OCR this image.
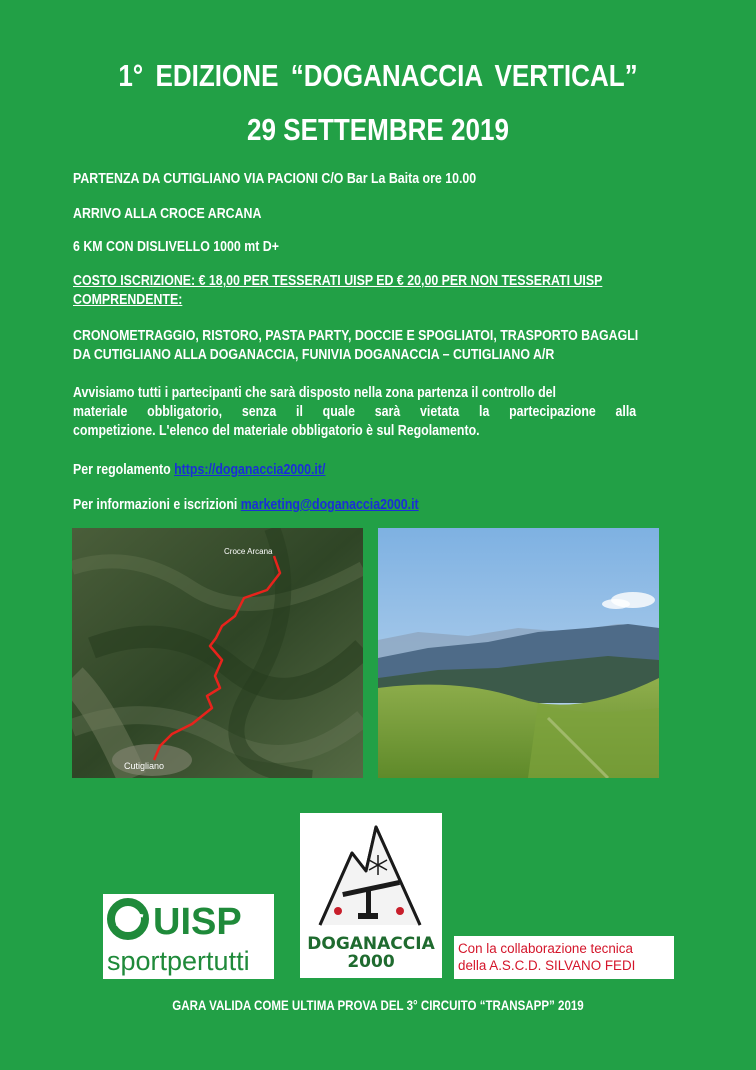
1° EDIZIONE “DOGANACCIA VERTICAL”
29 SETTEMBRE 2019
PARTENZA DA CUTIGLIANO VIA PACIONI C/O Bar La Baita ore 10.00
ARRIVO ALLA CROCE ARCANA
6 KM CON DISLIVELLO 1000 mt D+
COSTO ISCRIZIONE: € 18,00 PER TESSERATI UISP ED € 20,00 PER NON TESSERATI UISP
COMPRENDENTE:
CRONOMETRAGGIO, RISTORO, PASTA PARTY, DOCCIE E SPOGLIATOI, TRASPORTO BAGAGLI
DA CUTIGLIANO ALLA DOGANACCIA, FUNIVIA DOGANACCIA – CUTIGLIANO A/R
Avvisiamo tutti i partecipanti che sarà disposto nella zona partenza il controllo del
materiale obbligatorio, senza il quale sarà vietata la partecipazione alla
competizione. L'elenco del materiale obbligatorio è sul Regolamento.
Per regolamento https://doganaccia2000.it/
Per informazioni e iscrizioni marketing@doganaccia2000.it
Croce Arcana
Cutigliano
DOGANACCIA
2000
UISP
sportpertutti	Con la collaborazione tecnica
della A.S.C.D. SILVANO FEDI
GARA VALIDA COME ULTIMA PROVA DEL 3° CIRCUITO “TRANSAPP” 2019
